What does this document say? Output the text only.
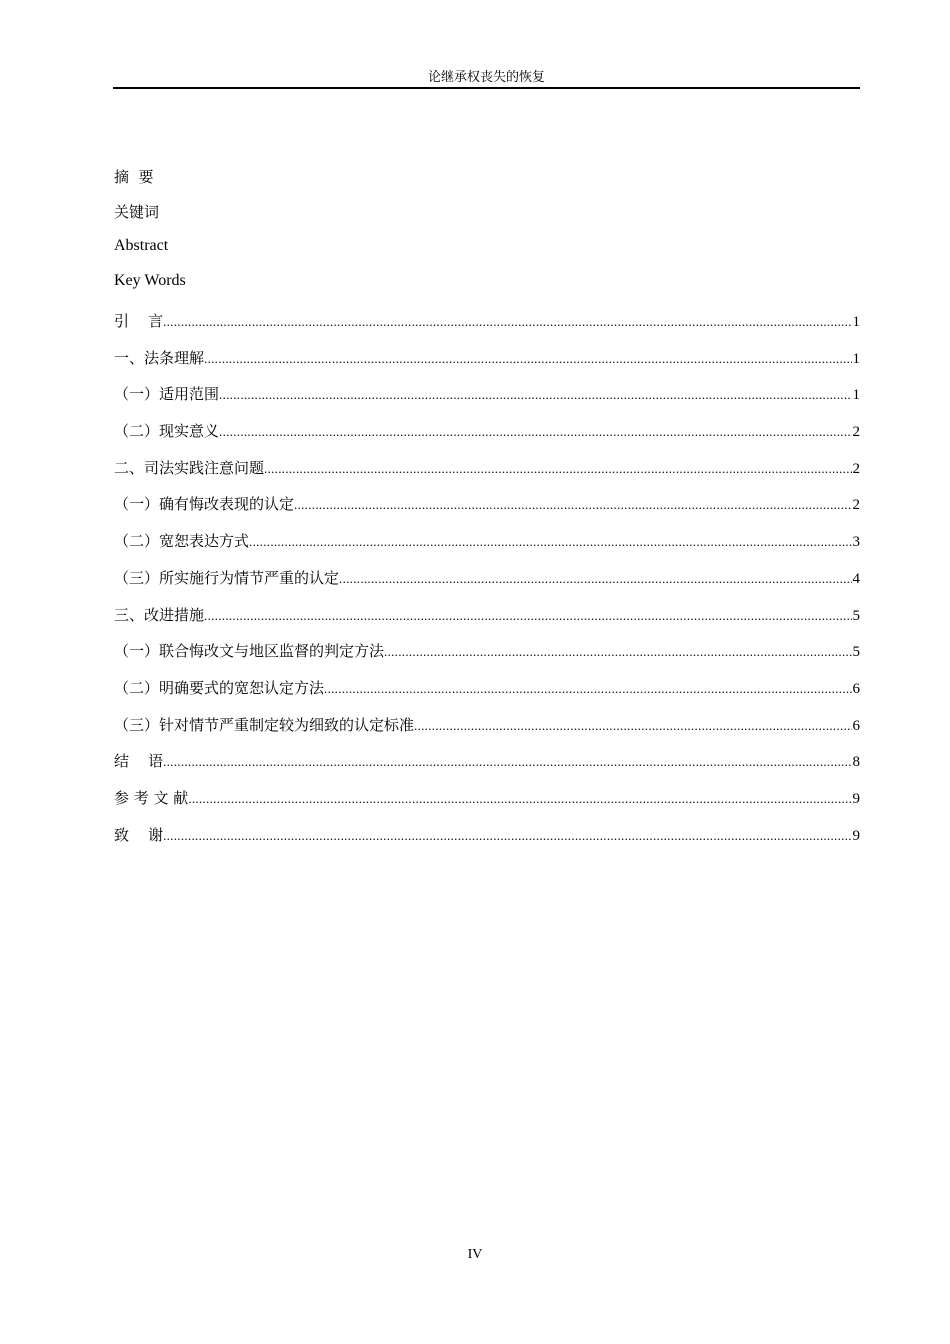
论继承权丧失的恢复
摘  要
关键词
Abstract
Key Words
引    言 .....	1
一、法条理解 .....	1
（一）适用范围 .....	1
（二）现实意义 .....	2
二、司法实践注意问题 .....	2
（一）确有悔改表现的认定 .....	2
（二）宽恕表达方式 .....	3
（三）所实施行为情节严重的认定 .....	4
三、改进措施 .....	5
（一）联合悔改文与地区监督的判定方法 .....	5
（二）明确要式的宽恕认定方法 .....	6
（三）针对情节严重制定较为细致的认定标准 .....	6
结    语 .....	8
参 考 文 献 .....	9
致    谢 .....	9
IV
